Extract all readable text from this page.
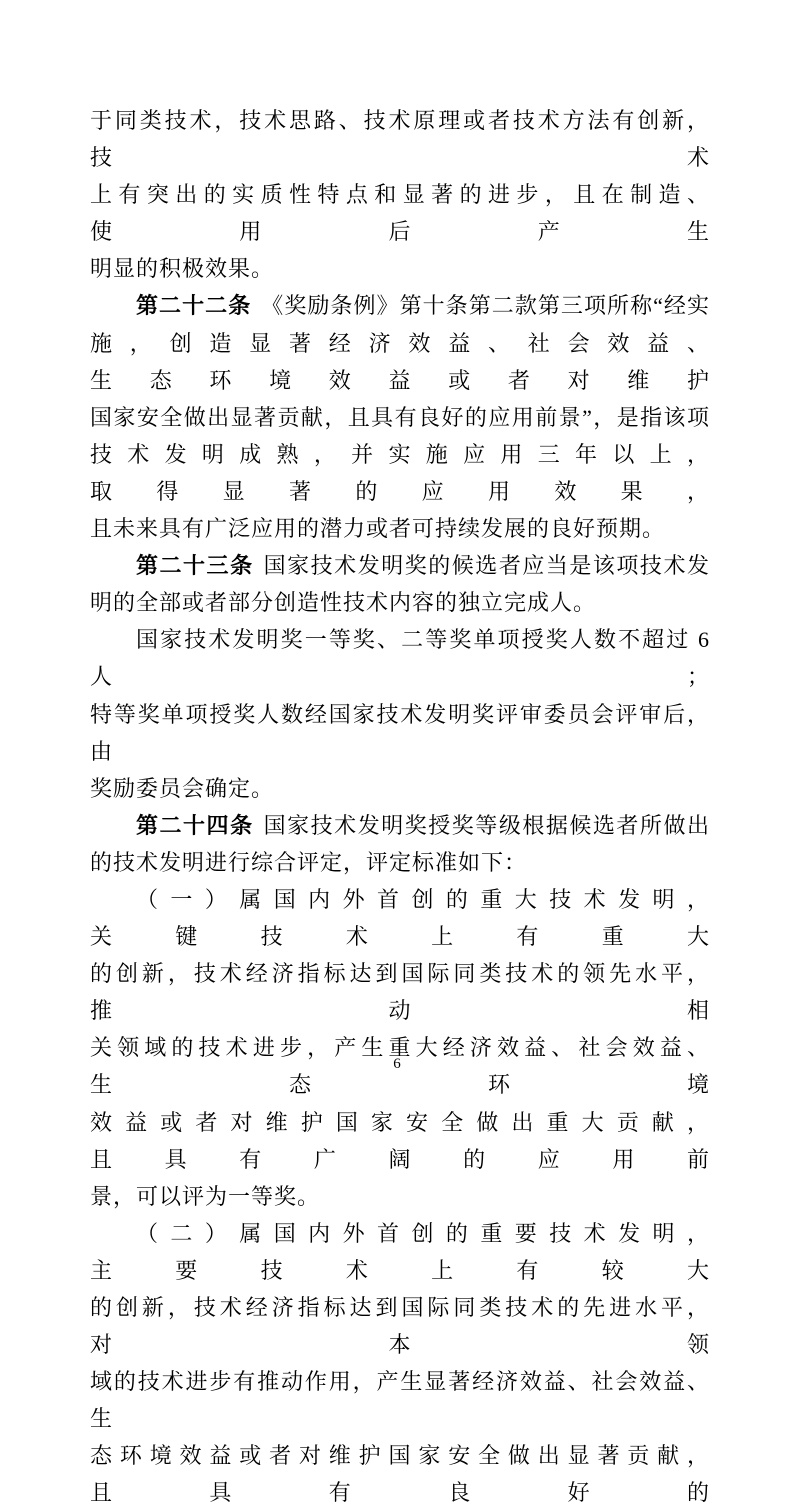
于同类技术，技术思路、技术原理或者技术方法有创新，技术
上有突出的实质性特点和显著的进步，且在制造、使用后产生
明显的积极效果。
第二十二条 《奖励条例》第十条第二款第三项所称“经实
施，创造显著经济效益、社会效益、生态环境效益或者对维护
国家安全做出显著贡献，且具有良好的应用前景”，是指该项
技术发明成熟，并实施应用三年以上，取得显著的应用效果，
且未来具有广泛应用的潜力或者可持续发展的良好预期。
第二十三条 国家技术发明奖的候选者应当是该项技术发
明的全部或者部分创造性技术内容的独立完成人。
国家技术发明奖一等奖、二等奖单项授奖人数不超过 6 人；
特等奖单项授奖人数经国家技术发明奖评审委员会评审后，由
奖励委员会确定。
第二十四条 国家技术发明奖授奖等级根据候选者所做出
的技术发明进行综合评定，评定标准如下：
（一）属国内外首创的重大技术发明，关键技术上有重大
的创新，技术经济指标达到国际同类技术的领先水平，推动相
关领域的技术进步，产生重大经济效益、社会效益、生态环境
效益或者对维护国家安全做出重大贡献，且具有广阔的应用前
景，可以评为一等奖。
（二）属国内外首创的重要技术发明，主要技术上有较大
的创新，技术经济指标达到国际同类技术的先进水平，对本领
域的技术进步有推动作用，产生显著经济效益、社会效益、生
态环境效益或者对维护国家安全做出显著贡献，且具有良好的
6
